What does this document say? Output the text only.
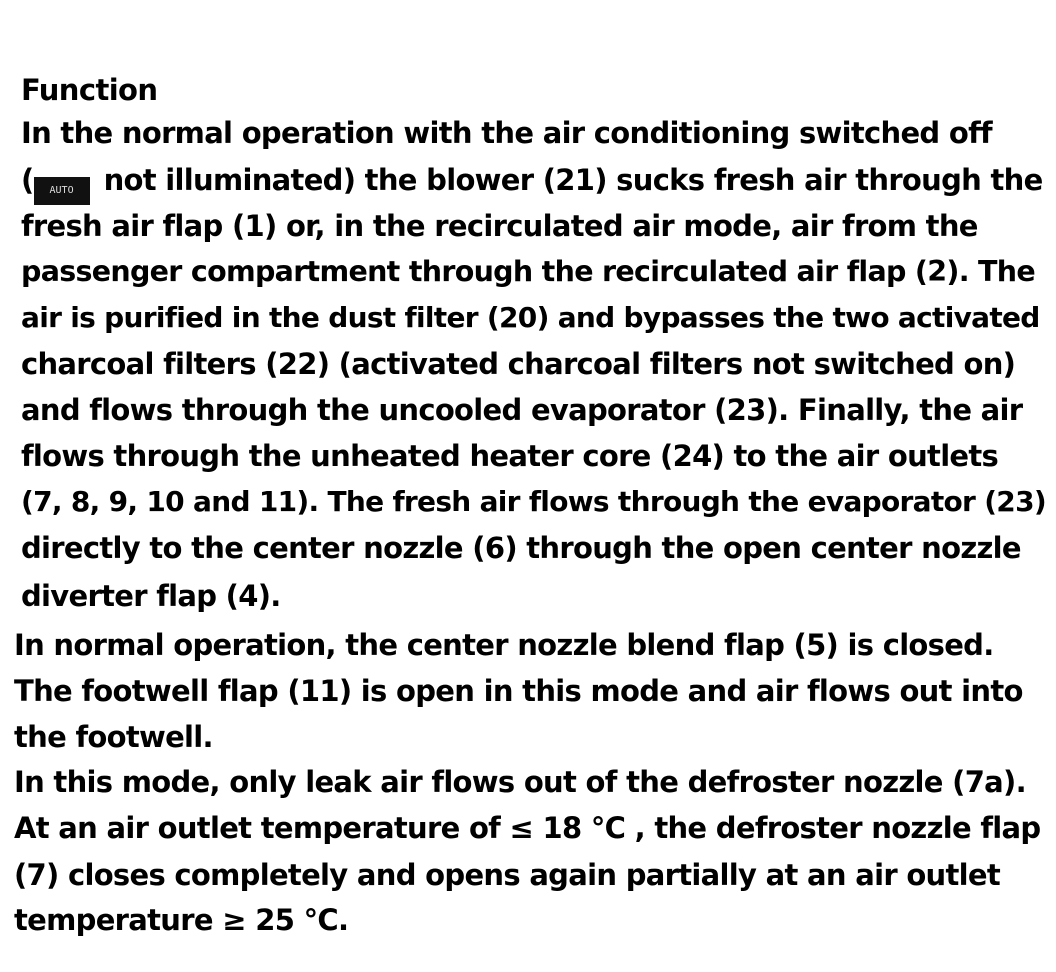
Function
In the normal operation with the air conditioning switched off
( AUTO not illuminated) the blower (21) sucks fresh air through the
fresh air flap (1) or, in the recirculated air mode, air from the
passenger compartment through the recirculated air flap (2). The
air is purified in the dust filter (20) and bypasses the two activated
charcoal filters (22) (activated charcoal filters not switched on)
and flows through the uncooled evaporator (23). Finally, the air
flows through the unheated heater core (24) to the air outlets
(7, 8, 9, 10 and 11). The fresh air flows through the evaporator (23)
directly to the center nozzle (6) through the open center nozzle
diverter flap (4).
In normal operation, the center nozzle blend flap (5) is closed.
The footwell flap (11) is open in this mode and air flows out into
the footwell.
In this mode, only leak air flows out of the defroster nozzle (7a).
At an air outlet temperature of ≤ 18 °C , the defroster nozzle flap
(7) closes completely and opens again partially at an air outlet
temperature ≥ 25 °C.
